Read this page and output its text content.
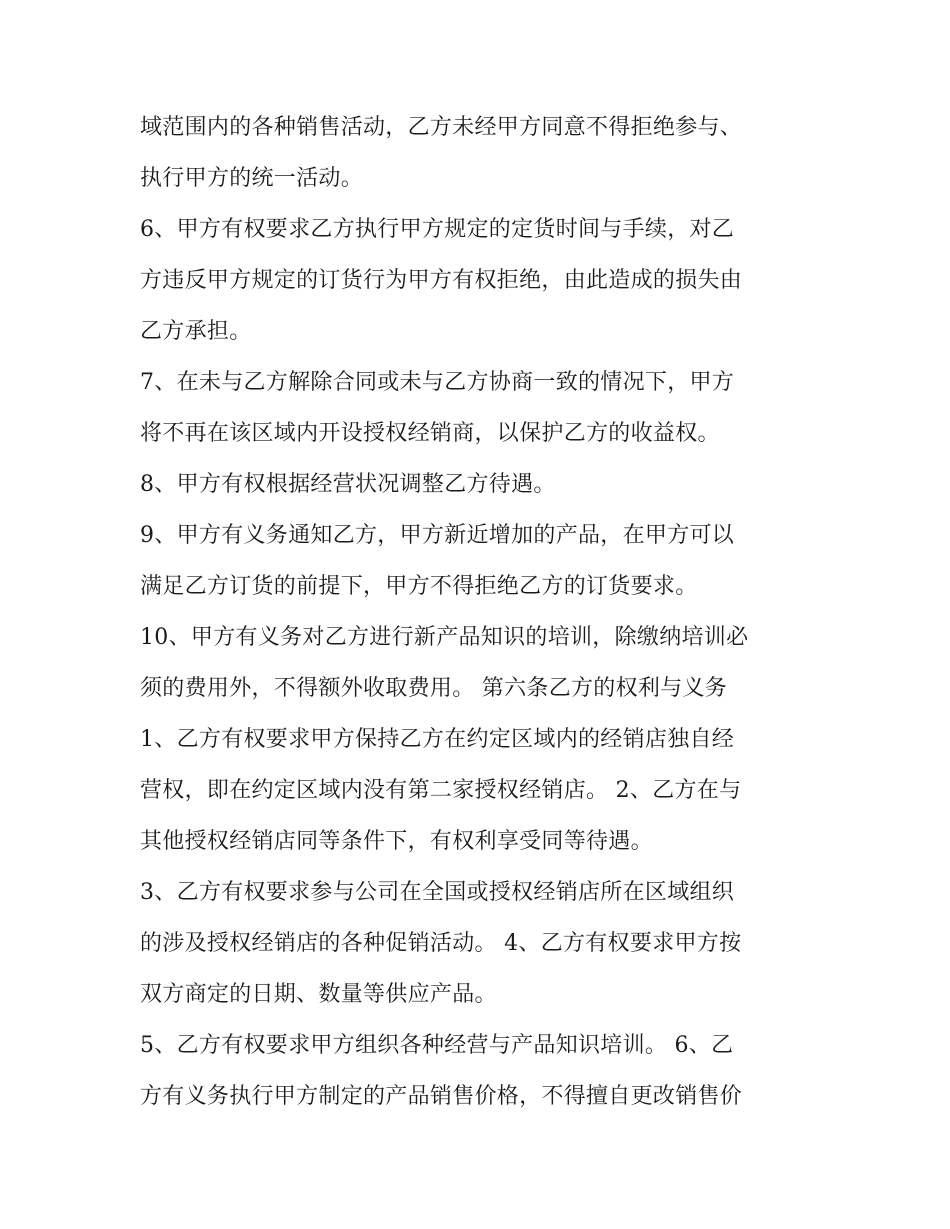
域范围内的各种销售活动，乙方未经甲方同意不得拒绝参与、
执行甲方的统一活动。
6、甲方有权要求乙方执行甲方规定的定货时间与手续，对乙
方违反甲方规定的订货行为甲方有权拒绝，由此造成的损失由
乙方承担。
7、在未与乙方解除合同或未与乙方协商一致的情况下，甲方
将不再在该区域内开设授权经销商，以保护乙方的收益权。
8、甲方有权根据经营状况调整乙方待遇。
9、甲方有义务通知乙方，甲方新近增加的产品，在甲方可以
满足乙方订货的前提下，甲方不得拒绝乙方的订货要求。
10、甲方有义务对乙方进行新产品知识的培训，除缴纳培训必
须的费用外，不得额外收取费用。 第六条乙方的权利与义务
1、乙方有权要求甲方保持乙方在约定区域内的经销店独自经
营权，即在约定区域内没有第二家授权经销店。 2、乙方在与
其他授权经销店同等条件下，有权利享受同等待遇。
3、乙方有权要求参与公司在全国或授权经销店所在区域组织
的涉及授权经销店的各种促销活动。 4、乙方有权要求甲方按
双方商定的日期、数量等供应产品。
5、乙方有权要求甲方组织各种经营与产品知识培训。 6、乙
方有义务执行甲方制定的产品销售价格，不得擅自更改销售价
